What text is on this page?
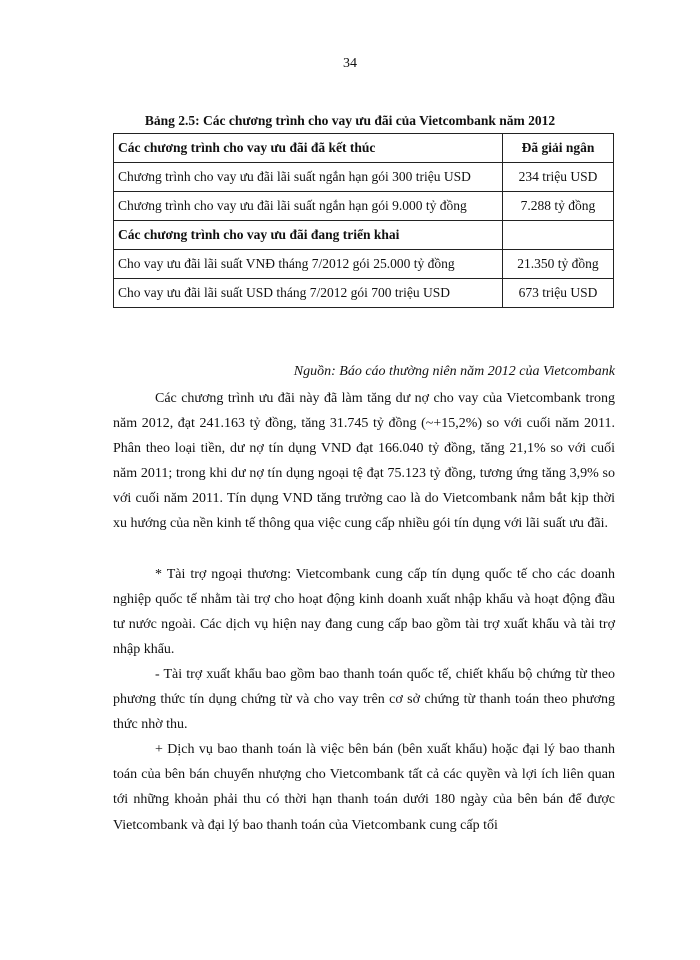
34
Bảng 2.5: Các chương trình cho vay ưu đãi của Vietcombank năm 2012
Các chương trình cho vay ưu đãi đã kết thúc	Đã giải ngân
Chương trình cho vay ưu đãi lãi suất ngắn hạn gói 300 triệu USD	234 triệu USD
Chương trình cho vay ưu đãi lãi suất ngắn hạn gói 9.000 tỷ đồng	7.288 tỷ đồng
Các chương trình cho vay ưu đãi đang triển khai	
Cho vay ưu đãi lãi suất VNĐ tháng 7/2012 gói 25.000 tỷ đồng	21.350 tỷ đồng
Cho vay ưu đãi lãi suất USD tháng 7/2012 gói 700 triệu USD	673 triệu USD
Nguồn: Báo cáo thường niên năm 2012 của Vietcombank

Các chương trình ưu đãi này đã làm tăng dư nợ cho vay của Vietcombank trong năm 2012, đạt 241.163 tỷ đồng, tăng 31.745 tỷ đồng (~+15,2%) so với cuối năm 2011. Phân theo loại tiền, dư nợ tín dụng VND đạt 166.040 tỷ đồng, tăng 21,1% so với cuối năm 2011; trong khi dư nợ tín dụng ngoại tệ đạt 75.123 tỷ đồng, tương ứng tăng 3,9% so với cuối năm 2011. Tín dụng VND tăng trưởng cao là do Vietcombank nắm bắt kịp thời xu hướng của nền kinh tế thông qua việc cung cấp nhiều gói tín dụng với lãi suất ưu đãi.

* Tài trợ ngoại thương: Vietcombank cung cấp tín dụng quốc tế cho các doanh nghiệp quốc tế nhằm tài trợ cho hoạt động kinh doanh xuất nhập khẩu và hoạt động đầu tư nước ngoài. Các dịch vụ hiện nay đang cung cấp bao gồm tài trợ xuất khẩu và tài trợ nhập khẩu.

- Tài trợ xuất khẩu bao gồm bao thanh toán quốc tế, chiết khấu bộ chứng từ theo phương thức tín dụng chứng từ và cho vay trên cơ sở chứng từ thanh toán theo phương thức nhờ thu.

+ Dịch vụ bao thanh toán là việc bên bán (bên xuất khẩu) hoặc đại lý bao thanh toán của bên bán chuyển nhượng cho Vietcombank tất cả các quyền và lợi ích liên quan tới những khoản phải thu có thời hạn thanh toán dưới 180 ngày của bên bán để được Vietcombank và đại lý bao thanh toán của Vietcombank cung cấp tối
